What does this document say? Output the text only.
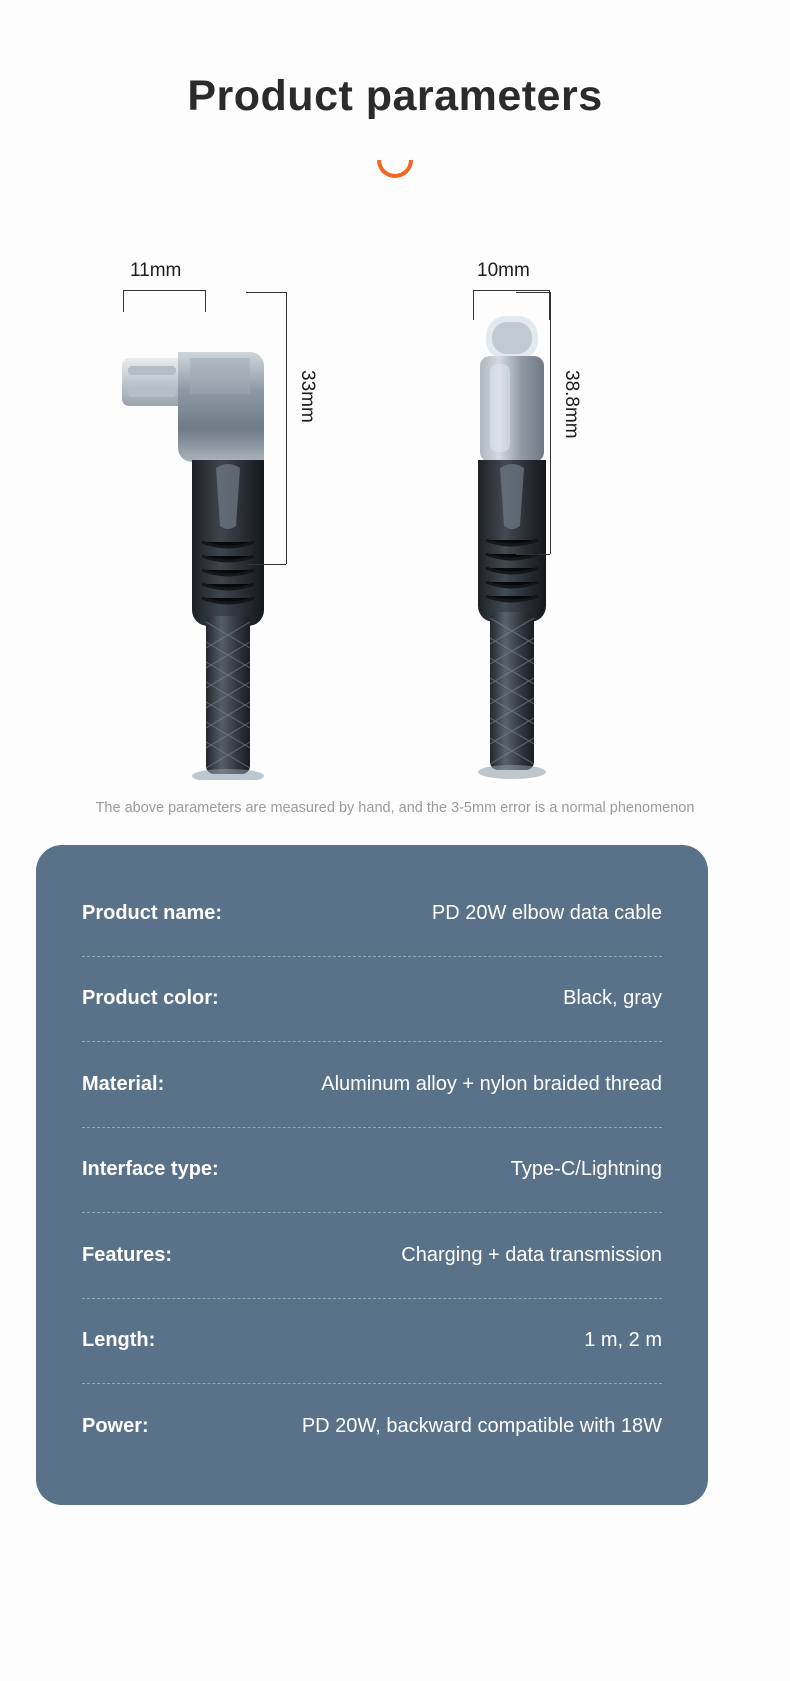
Product parameters
11mm
33mm
10mm
38.8mm
The above parameters are measured by hand, and the 3-5mm error is a normal phenomenon
Product name:	PD 20W elbow data cable
Product color:	Black, gray
Material:	Aluminum alloy + nylon braided thread
Interface type:	Type-C/Lightning
Features:	Charging + data transmission
Length:	1 m, 2 m
Power:	PD 20W, backward compatible with 18W
